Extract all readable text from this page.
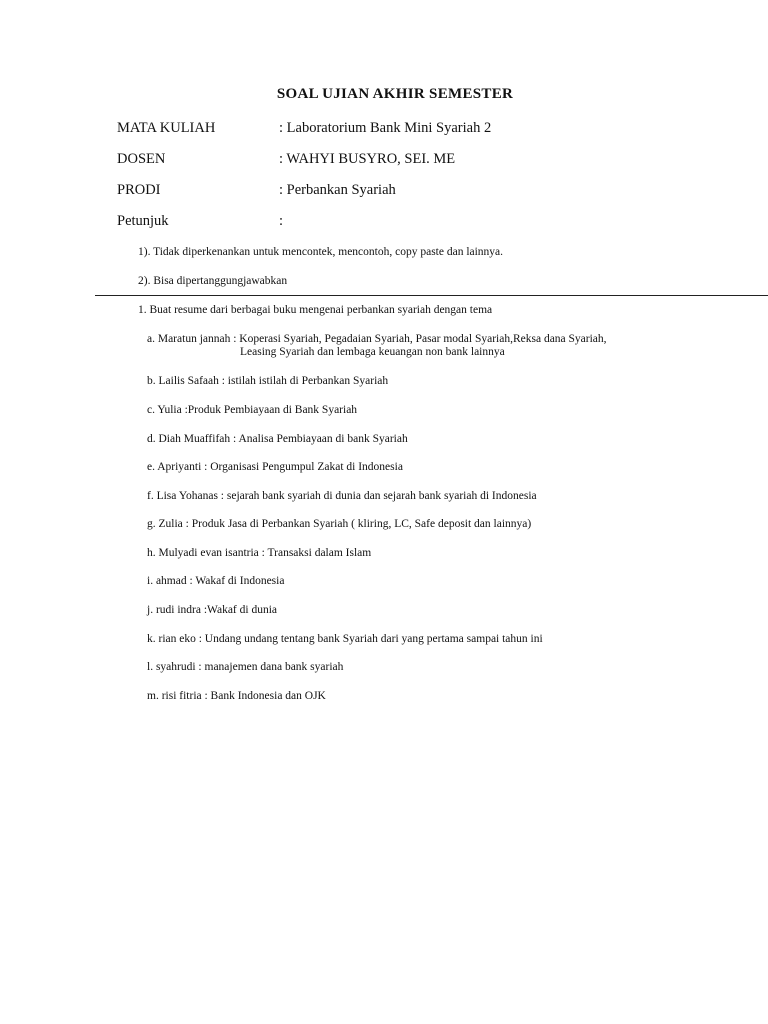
SOAL UJIAN AKHIR SEMESTER
MATA KULIAH	: Laboratorium Bank Mini Syariah 2
DOSEN	: WAHYI BUSYRO, SEI. ME
PRODI	: Perbankan Syariah
Petunjuk	:
1). Tidak diperkenankan untuk mencontek, mencontoh, copy paste dan lainnya.
2). Bisa dipertanggungjawabkan
1. Buat resume dari berbagai buku mengenai perbankan syariah dengan tema
a. Maratun jannah : Koperasi Syariah, Pegadaian Syariah, Pasar modal Syariah,Reksa dana Syariah,
Leasing Syariah dan lembaga keuangan non bank lainnya
b. Lailis Safaah : istilah istilah di Perbankan Syariah
c. Yulia :Produk Pembiayaan di Bank Syariah
d. Diah Muaffifah : Analisa Pembiayaan di bank Syariah
e. Apriyanti : Organisasi Pengumpul Zakat di Indonesia
f. Lisa Yohanas : sejarah bank syariah di dunia dan sejarah bank syariah di Indonesia
g. Zulia : Produk Jasa di Perbankan Syariah ( kliring, LC, Safe deposit dan lainnya)
h. Mulyadi evan isantria : Transaksi dalam Islam
i. ahmad : Wakaf di Indonesia
j. rudi indra :Wakaf di dunia
k. rian eko : Undang undang tentang bank Syariah dari yang pertama sampai tahun ini
l. syahrudi : manajemen dana bank syariah
m. risi fitria : Bank Indonesia dan OJK
